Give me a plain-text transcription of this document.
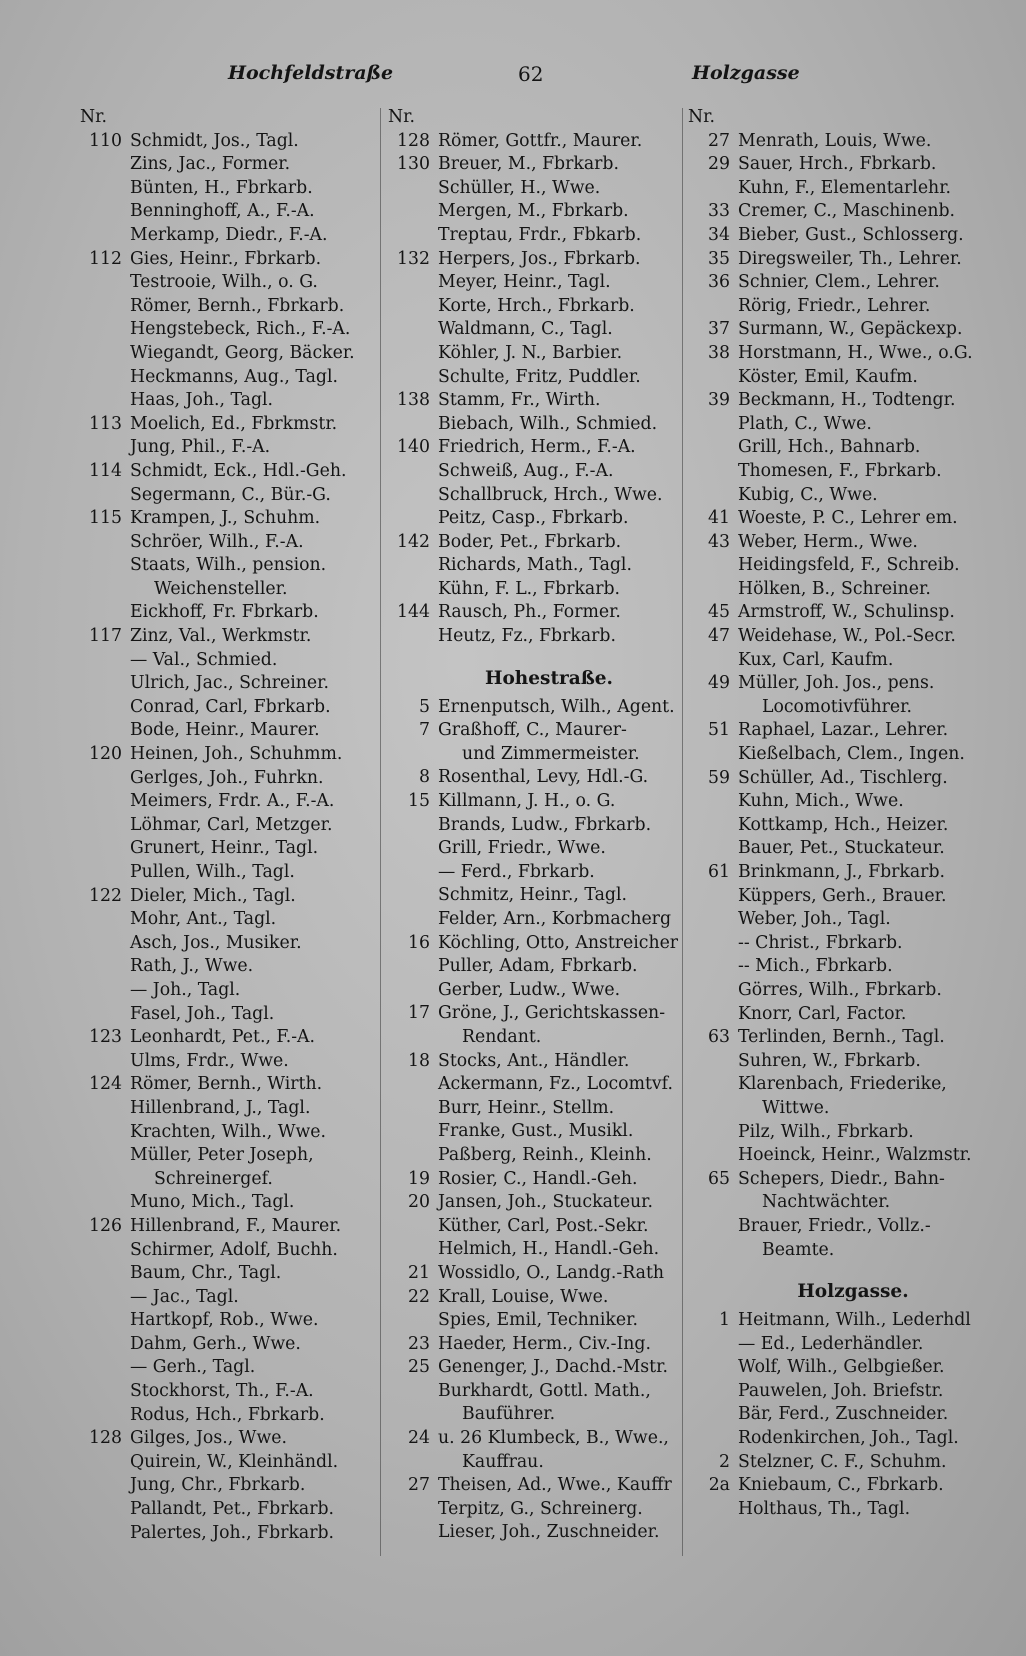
Hochfeldstraße	62	Holzgasse
Nr.
110 Schmidt, Jos., Tagl.
Zins, Jac., Former.
Bünten, H., Fbrkarb.
Benninghoff, A., F.-A.
Merkamp, Diedr., F.-A.
112 Gies, Heinr., Fbrkarb.
Testrooie, Wilh., o. G.
Römer, Bernh., Fbrkarb.
Hengstebeck, Rich., F.-A.
Wiegandt, Georg, Bäcker.
Heckmanns, Aug., Tagl.
Haas, Joh., Tagl.
113 Moelich, Ed., Fbrkmstr.
Jung, Phil., F.-A.
114 Schmidt, Eck., Hdl.-Geh.
Segermann, C., Bür.-G.
115 Krampen, J., Schuhm.
Schröer, Wilh., F.-A.
Staats, Wilh., pension.
Weichensteller.
Eickhoff, Fr. Fbrkarb.
117 Zinz, Val., Werkmstr.
— Val., Schmied.
Ulrich, Jac., Schreiner.
Conrad, Carl, Fbrkarb.
Bode, Heinr., Maurer.
120 Heinen, Joh., Schuhmm.
Gerlges, Joh., Fuhrkn.
Meimers, Frdr. A., F.-A.
Löhmar, Carl, Metzger.
Grunert, Heinr., Tagl.
Pullen, Wilh., Tagl.
122 Dieler, Mich., Tagl.
Mohr, Ant., Tagl.
Asch, Jos., Musiker.
Rath, J., Wwe.
— Joh., Tagl.
Fasel, Joh., Tagl.
123 Leonhardt, Pet., F.-A.
Ulms, Frdr., Wwe.
124 Römer, Bernh., Wirth.
Hillenbrand, J., Tagl.
Krachten, Wilh., Wwe.
Müller, Peter Joseph,
Schreinergef.
Muno, Mich., Tagl.
126 Hillenbrand, F., Maurer.
Schirmer, Adolf, Buchh.
Baum, Chr., Tagl.
— Jac., Tagl.
Hartkopf, Rob., Wwe.
Dahm, Gerh., Wwe.
— Gerh., Tagl.
Stockhorst, Th., F.-A.
Rodus, Hch., Fbrkarb.
128 Gilges, Jos., Wwe.
Quirein, W., Kleinhändl.
Jung, Chr., Fbrkarb.
Pallandt, Pet., Fbrkarb.
Palertes, Joh., Fbrkarb.
Nr.
128 Römer, Gottfr., Maurer.
130 Breuer, M., Fbrkarb.
Schüller, H., Wwe.
Mergen, M., Fbrkarb.
Treptau, Frdr., Fbkarb.
132 Herpers, Jos., Fbrkarb.
Meyer, Heinr., Tagl.
Korte, Hrch., Fbrkarb.
Waldmann, C., Tagl.
Köhler, J. N., Barbier.
Schulte, Fritz, Puddler.
138 Stamm, Fr., Wirth.
Biebach, Wilh., Schmied.
140 Friedrich, Herm., F.-A.
Schweiß, Aug., F.-A.
Schallbruck, Hrch., Wwe.
Peitz, Casp., Fbrkarb.
142 Boder, Pet., Fbrkarb.
Richards, Math., Tagl.
Kühn, F. L., Fbrkarb.
144 Rausch, Ph., Former.
Heutz, Fz., Fbrkarb.
Hohestraße.
5 Ernenputsch, Wilh., Agent.
7 Graßhoff, C., Maurer-
und Zimmermeister.
8 Rosenthal, Levy, Hdl.-G.
15 Killmann, J. H., o. G.
Brands, Ludw., Fbrkarb.
Grill, Friedr., Wwe.
— Ferd., Fbrkarb.
Schmitz, Heinr., Tagl.
Felder, Arn., Korbmacherg
16 Köchling, Otto, Anstreicher
Puller, Adam, Fbrkarb.
Gerber, Ludw., Wwe.
17 Gröne, J., Gerichtskassen-
Rendant.
18 Stocks, Ant., Händler.
Ackermann, Fz., Locomtvf.
Burr, Heinr., Stellm.
Franke, Gust., Musikl.
Paßberg, Reinh., Kleinh.
19 Rosier, C., Handl.-Geh.
20 Jansen, Joh., Stuckateur.
Küther, Carl, Post.-Sekr.
Helmich, H., Handl.-Geh.
21 Wossidlo, O., Landg.-Rath
22 Krall, Louise, Wwe.
Spies, Emil, Techniker.
23 Haeder, Herm., Civ.-Ing.
25 Genenger, J., Dachd.-Mstr.
Burkhardt, Gottl. Math.,
Bauführer.
24 u. 26 Klumbeck, B., Wwe.,
Kauffrau.
27 Theisen, Ad., Wwe., Kauffr
Terpitz, G., Schreinerg.
Lieser, Joh., Zuschneider.
Nr.
27 Menrath, Louis, Wwe.
29 Sauer, Hrch., Fbrkarb.
Kuhn, F., Elementarlehr.
33 Cremer, C., Maschinenb.
34 Bieber, Gust., Schlosserg.
35 Diregsweiler, Th., Lehrer.
36 Schnier, Clem., Lehrer.
Rörig, Friedr., Lehrer.
37 Surmann, W., Gepäckexp.
38 Horstmann, H., Wwe., o.G.
Köster, Emil, Kaufm.
39 Beckmann, H., Todtengr.
Plath, C., Wwe.
Grill, Hch., Bahnarb.
Thomesen, F., Fbrkarb.
Kubig, C., Wwe.
41 Woeste, P. C., Lehrer em.
43 Weber, Herm., Wwe.
Heidingsfeld, F., Schreib.
Hölken, B., Schreiner.
45 Armstroff, W., Schulinsp.
47 Weidehase, W., Pol.-Secr.
Kux, Carl, Kaufm.
49 Müller, Joh. Jos., pens.
Locomotivführer.
51 Raphael, Lazar., Lehrer.
Kießelbach, Clem., Ingen.
59 Schüller, Ad., Tischlerg.
Kuhn, Mich., Wwe.
Kottkamp, Hch., Heizer.
Bauer, Pet., Stuckateur.
61 Brinkmann, J., Fbrkarb.
Küppers, Gerh., Brauer.
Weber, Joh., Tagl.
-- Christ., Fbrkarb.
-- Mich., Fbrkarb.
Görres, Wilh., Fbrkarb.
Knorr, Carl, Factor.
63 Terlinden, Bernh., Tagl.
Suhren, W., Fbrkarb.
Klarenbach, Friederike,
Wittwe.
Pilz, Wilh., Fbrkarb.
Hoeinck, Heinr., Walzmstr.
65 Schepers, Diedr., Bahn-
Nachtwächter.
Brauer, Friedr., Vollz.-
Beamte.
Holzgasse.
1 Heitmann, Wilh., Lederhdl
— Ed., Lederhändler.
Wolf, Wilh., Gelbgießer.
Pauwelen, Joh. Briefstr.
Bär, Ferd., Zuschneider.
Rodenkirchen, Joh., Tagl.
2 Stelzner, C. F., Schuhm.
2a Kniebaum, C., Fbrkarb.
Holthaus, Th., Tagl.
